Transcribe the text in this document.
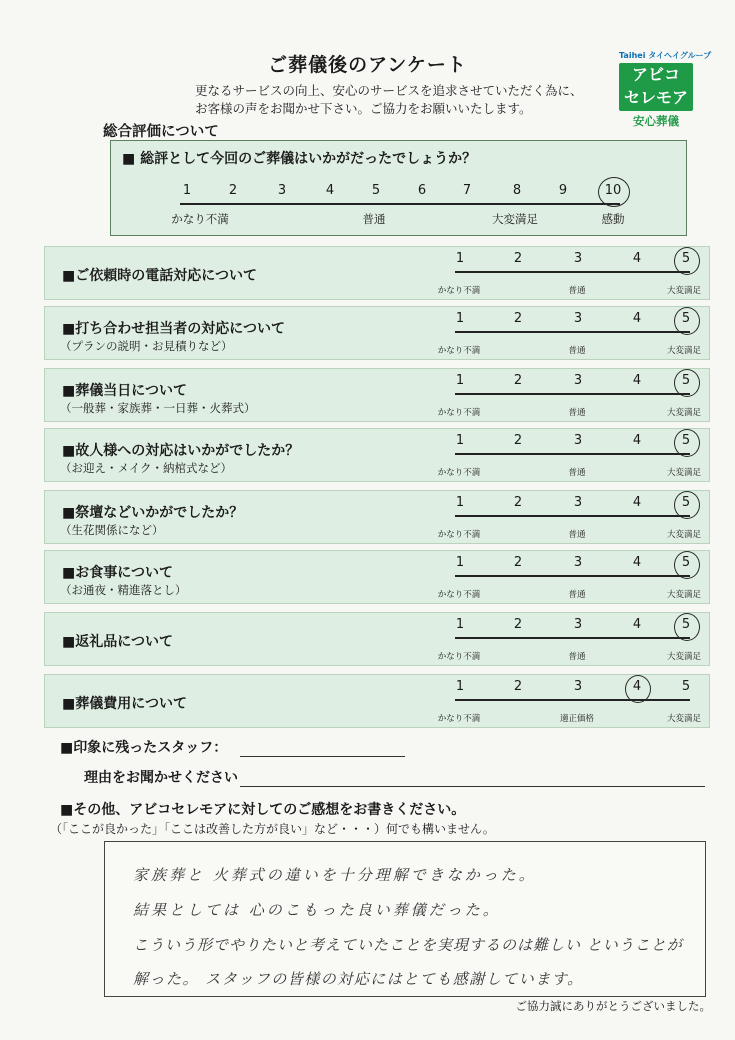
ご葬儀後のアンケート
更なるサービスの向上、安心のサービスを追求させていただく為に、
お客様の声をお聞かせ下さい。ご協力をお願いいたします。
Taihei タイヘイグループ
アビコ
セレモア
安心葬儀
総合評価について
■ 総評として今回のご葬儀はいかがだったでしょうか？
1	2	3	4	5	6	7	8	9	10
かなり不満	普通	大変満足	感動
■ご依頼時の電話対応について
1	2	3	4	5
かなり不満	普通	大変満足
■打ち合わせ担当者の対応について
（プランの説明・お見積りなど）
1	2	3	4	5
かなり不満	普通	大変満足
■葬儀当日について
（一般葬・家族葬・一日葬・火葬式）
1	2	3	4	5
かなり不満	普通	大変満足
■故人様への対応はいかがでしたか？
（お迎え・メイク・納棺式など）
1	2	3	4	5
かなり不満	普通	大変満足
■祭壇などいかがでしたか？
（生花関係になど）
1	2	3	4	5
かなり不満	普通	大変満足
■お食事について
（お通夜・精進落とし）
1	2	3	4	5
かなり不満	普通	大変満足
■返礼品について
1	2	3	4	5
かなり不満	普通	大変満足
■葬儀費用について
1	2	3	4	5
かなり不満	適正価格	大変満足
■印象に残ったスタッフ：
理由をお聞かせください
■その他、アビコセレモアに対してのご感想をお書きください。
（「ここが良かった」「ここは改善した方が良い」など・・・）何でも構いません。
家族葬と 火葬式の違いを十分理解できなかった。
結果としては 心のこもった良い葬儀だった。
こういう形でやりたいと考えていたことを実現するのは難しい ということが
解った。 スタッフの皆様の対応にはとても感謝しています。
ご協力誠にありがとうございました。
